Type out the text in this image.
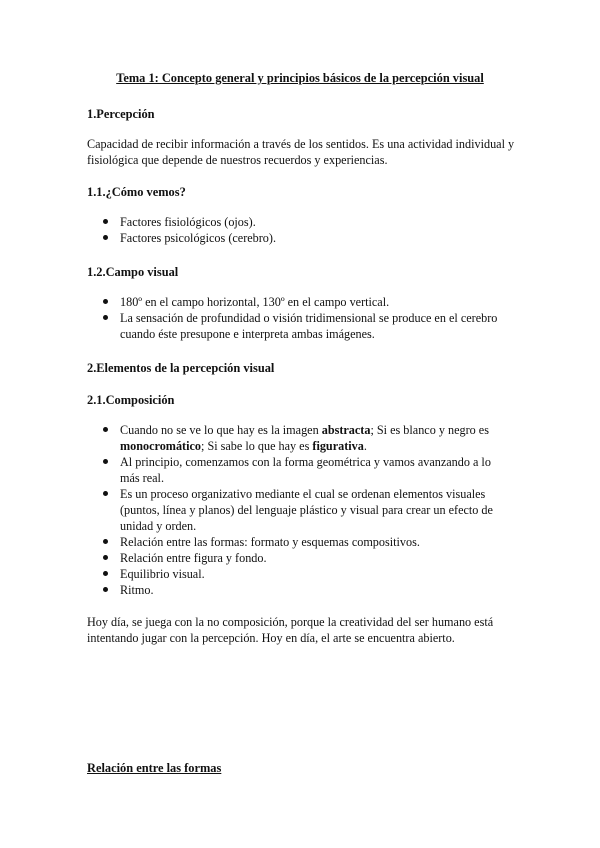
Tema 1: Concepto general y principios básicos de la percepción visual

1.Percepción

Capacidad de recibir información a través de los sentidos. Es una actividad individual y fisiológica que depende de nuestros recuerdos y experiencias.

1.1.¿Cómo vemos?

Factores fisiológicos (ojos).
Factores psicológicos (cerebro).

1.2.Campo visual

180º en el campo horizontal, 130º en el campo vertical.
La sensación de profundidad o visión tridimensional se produce en el cerebro cuando éste presupone e interpreta ambas imágenes.

2.Elementos de la percepción visual

2.1.Composición

Cuando no se ve lo que hay es la imagen abstracta; Si es blanco y negro es monocromático; Si sabe lo que hay es figurativa.
Al principio, comenzamos con la forma geométrica y vamos avanzando a lo más real.
Es un proceso organizativo mediante el cual se ordenan elementos visuales (puntos, línea y planos) del lenguaje plástico y visual para crear un efecto de unidad y orden.
Relación entre las formas: formato y esquemas compositivos.
Relación entre figura y fondo.
Equilibrio visual.
Ritmo.

Hoy día, se juega con la no composición, porque la creatividad del ser humano está intentando jugar con la percepción. Hoy en día, el arte se encuentra abierto.

Relación entre las formas
